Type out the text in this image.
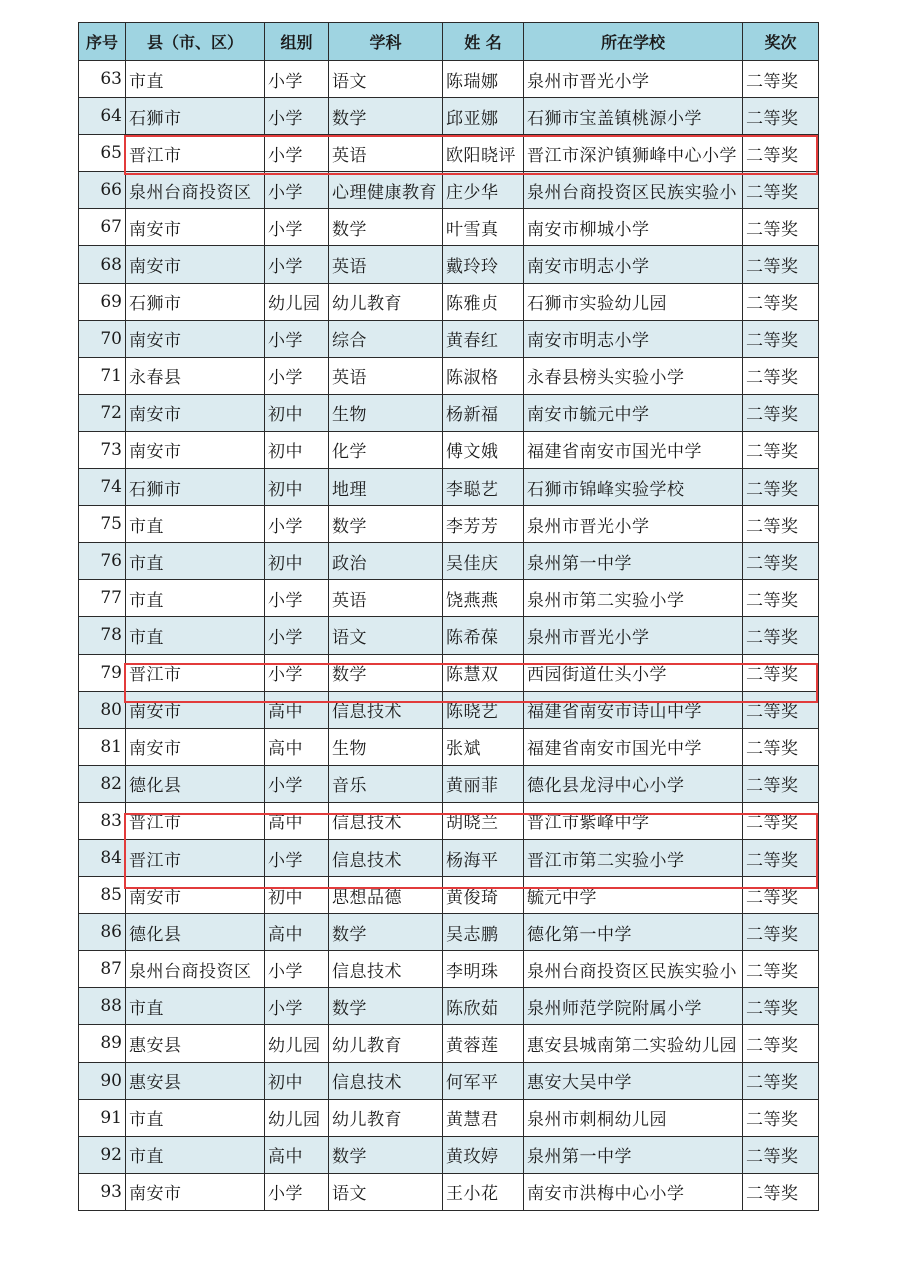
序号	县（市、区）	组别	学科	姓 名	所在学校	奖次
63	市直	小学	语文	陈瑞娜	泉州市晋光小学	二等奖
64	石狮市	小学	数学	邱亚娜	石狮市宝盖镇桃源小学	二等奖
65	晋江市	小学	英语	欧阳晓评	晋江市深沪镇狮峰中心小学	二等奖
66	泉州台商投资区	小学	心理健康教育	庄少华	泉州台商投资区民族实验小	二等奖
67	南安市	小学	数学	叶雪真	南安市柳城小学	二等奖
68	南安市	小学	英语	戴玲玲	南安市明志小学	二等奖
69	石狮市	幼儿园	幼儿教育	陈雅贞	石狮市实验幼儿园	二等奖
70	南安市	小学	综合	黄春红	南安市明志小学	二等奖
71	永春县	小学	英语	陈淑格	永春县榜头实验小学	二等奖
72	南安市	初中	生物	杨新福	南安市毓元中学	二等奖
73	南安市	初中	化学	傅文娥	福建省南安市国光中学	二等奖
74	石狮市	初中	地理	李聪艺	石狮市锦峰实验学校	二等奖
75	市直	小学	数学	李芳芳	泉州市晋光小学	二等奖
76	市直	初中	政治	吴佳庆	泉州第一中学	二等奖
77	市直	小学	英语	饶燕燕	泉州市第二实验小学	二等奖
78	市直	小学	语文	陈希葆	泉州市晋光小学	二等奖
79	晋江市	小学	数学	陈慧双	西园街道仕头小学	二等奖
80	南安市	高中	信息技术	陈晓艺	福建省南安市诗山中学	二等奖
81	南安市	高中	生物	张斌	福建省南安市国光中学	二等奖
82	德化县	小学	音乐	黄丽菲	德化县龙浔中心小学	二等奖
83	晋江市	高中	信息技术	胡晓兰	晋江市紫峰中学	二等奖
84	晋江市	小学	信息技术	杨海平	晋江市第二实验小学	二等奖
85	南安市	初中	思想品德	黄俊琦	毓元中学	二等奖
86	德化县	高中	数学	吴志鹏	德化第一中学	二等奖
87	泉州台商投资区	小学	信息技术	李明珠	泉州台商投资区民族实验小	二等奖
88	市直	小学	数学	陈欣茹	泉州师范学院附属小学	二等奖
89	惠安县	幼儿园	幼儿教育	黄蓉莲	惠安县城南第二实验幼儿园	二等奖
90	惠安县	初中	信息技术	何军平	惠安大吴中学	二等奖
91	市直	幼儿园	幼儿教育	黄慧君	泉州市刺桐幼儿园	二等奖
92	市直	高中	数学	黄玫婷	泉州第一中学	二等奖
93	南安市	小学	语文	王小花	南安市洪梅中心小学	二等奖
